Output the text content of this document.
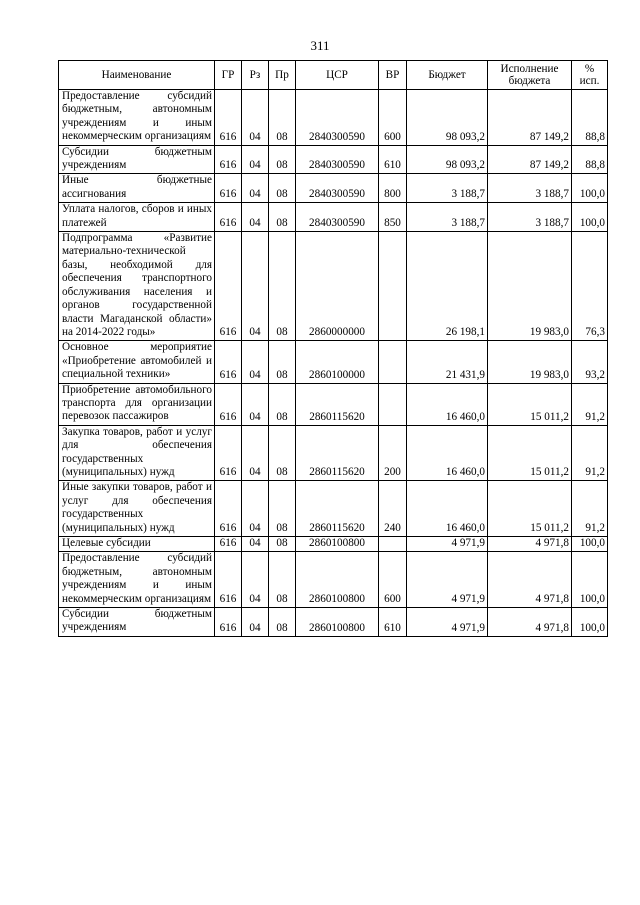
311
Наименование	ГР	Рз	Пр	ЦСР	ВР	Бюджет	Исполнение бюджета	% исп.
Предоставление субсидий бюджетным, автономным учреждениям и иным некоммерческим организациям	616	04	08	2840300590	600	98 093,2	87 149,2	88,8
Субсидии бюджетным учреждениям	616	04	08	2840300590	610	98 093,2	87 149,2	88,8
Иные бюджетные ассигнования	616	04	08	2840300590	800	3 188,7	3 188,7	100,0
Уплата налогов, сборов и иных платежей	616	04	08	2840300590	850	3 188,7	3 188,7	100,0
Подпрограмма «Развитие материально-технической базы, необходимой для обеспечения транспортного обслуживания населения и органов государственной власти Магаданской области» на 2014-2022 годы»	616	04	08	2860000000		26 198,1	19 983,0	76,3
Основное мероприятие «Приобретение автомобилей и специальной техники»	616	04	08	2860100000		21 431,9	19 983,0	93,2
Приобретение автомобильного транспорта для организации перевозок пассажиров	616	04	08	2860115620		16 460,0	15 011,2	91,2
Закупка товаров, работ и услуг для обеспечения государственных (муниципальных) нужд	616	04	08	2860115620	200	16 460,0	15 011,2	91,2
Иные закупки товаров, работ и услуг для обеспечения государственных (муниципальных) нужд	616	04	08	2860115620	240	16 460,0	15 011,2	91,2
Целевые субсидии	616	04	08	2860100800		4 971,9	4 971,8	100,0
Предоставление субсидий бюджетным, автономным учреждениям и иным некоммерческим организациям	616	04	08	2860100800	600	4 971,9	4 971,8	100,0
Субсидии бюджетным учреждениям	616	04	08	2860100800	610	4 971,9	4 971,8	100,0
